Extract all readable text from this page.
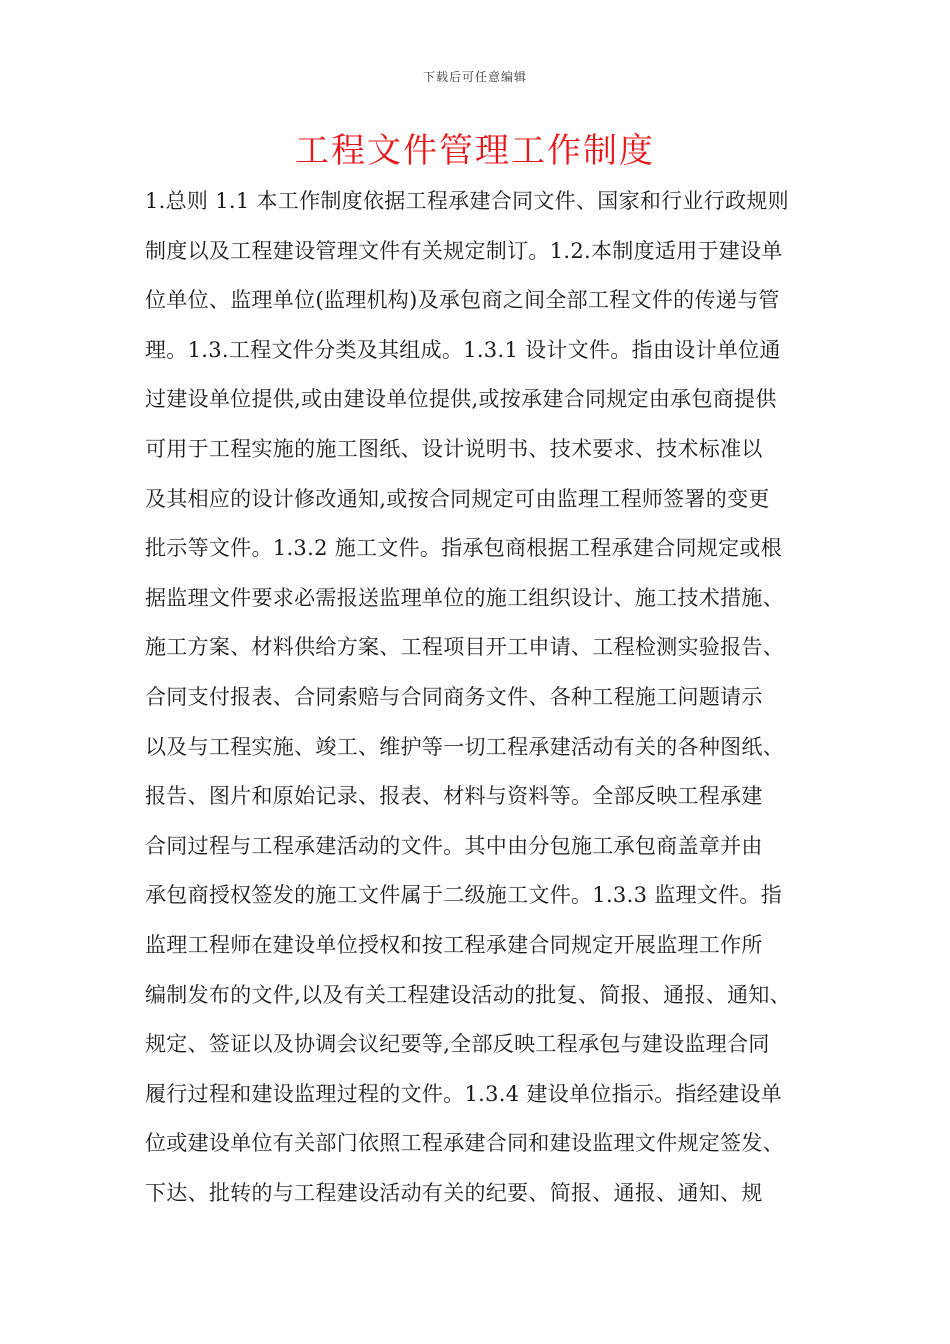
下载后可任意编辑
工程文件管理工作制度
1.总则 1.1 本工作制度依据工程承建合同文件、国家和行业行政规则
制度以及工程建设管理文件有关规定制订。1.2.本制度适用于建设单
位单位、监理单位(监理机构)及承包商之间全部工程文件的传递与管
理。1.3.工程文件分类及其组成。1.3.1 设计文件。指由设计单位通
过建设单位提供,或由建设单位提供,或按承建合同规定由承包商提供
可用于工程实施的施工图纸、设计说明书、技术要求、技术标准以
及其相应的设计修改通知,或按合同规定可由监理工程师签署的变更
批示等文件。1.3.2 施工文件。指承包商根据工程承建合同规定或根
据监理文件要求必需报送监理单位的施工组织设计、施工技术措施、
施工方案、材料供给方案、工程项目开工申请、工程检测实验报告、
合同支付报表、合同索赔与合同商务文件、各种工程施工问题请示
以及与工程实施、竣工、维护等一切工程承建活动有关的各种图纸、
报告、图片和原始记录、报表、材料与资料等。全部反映工程承建
合同过程与工程承建活动的文件。其中由分包施工承包商盖章并由
承包商授权签发的施工文件属于二级施工文件。1.3.3 监理文件。指
监理工程师在建设单位授权和按工程承建合同规定开展监理工作所
编制发布的文件,以及有关工程建设活动的批复、简报、通报、通知、
规定、签证以及协调会议纪要等,全部反映工程承包与建设监理合同
履行过程和建设监理过程的文件。1.3.4 建设单位指示。指经建设单
位或建设单位有关部门依照工程承建合同和建设监理文件规定签发、
下达、批转的与工程建设活动有关的纪要、简报、通报、通知、规
